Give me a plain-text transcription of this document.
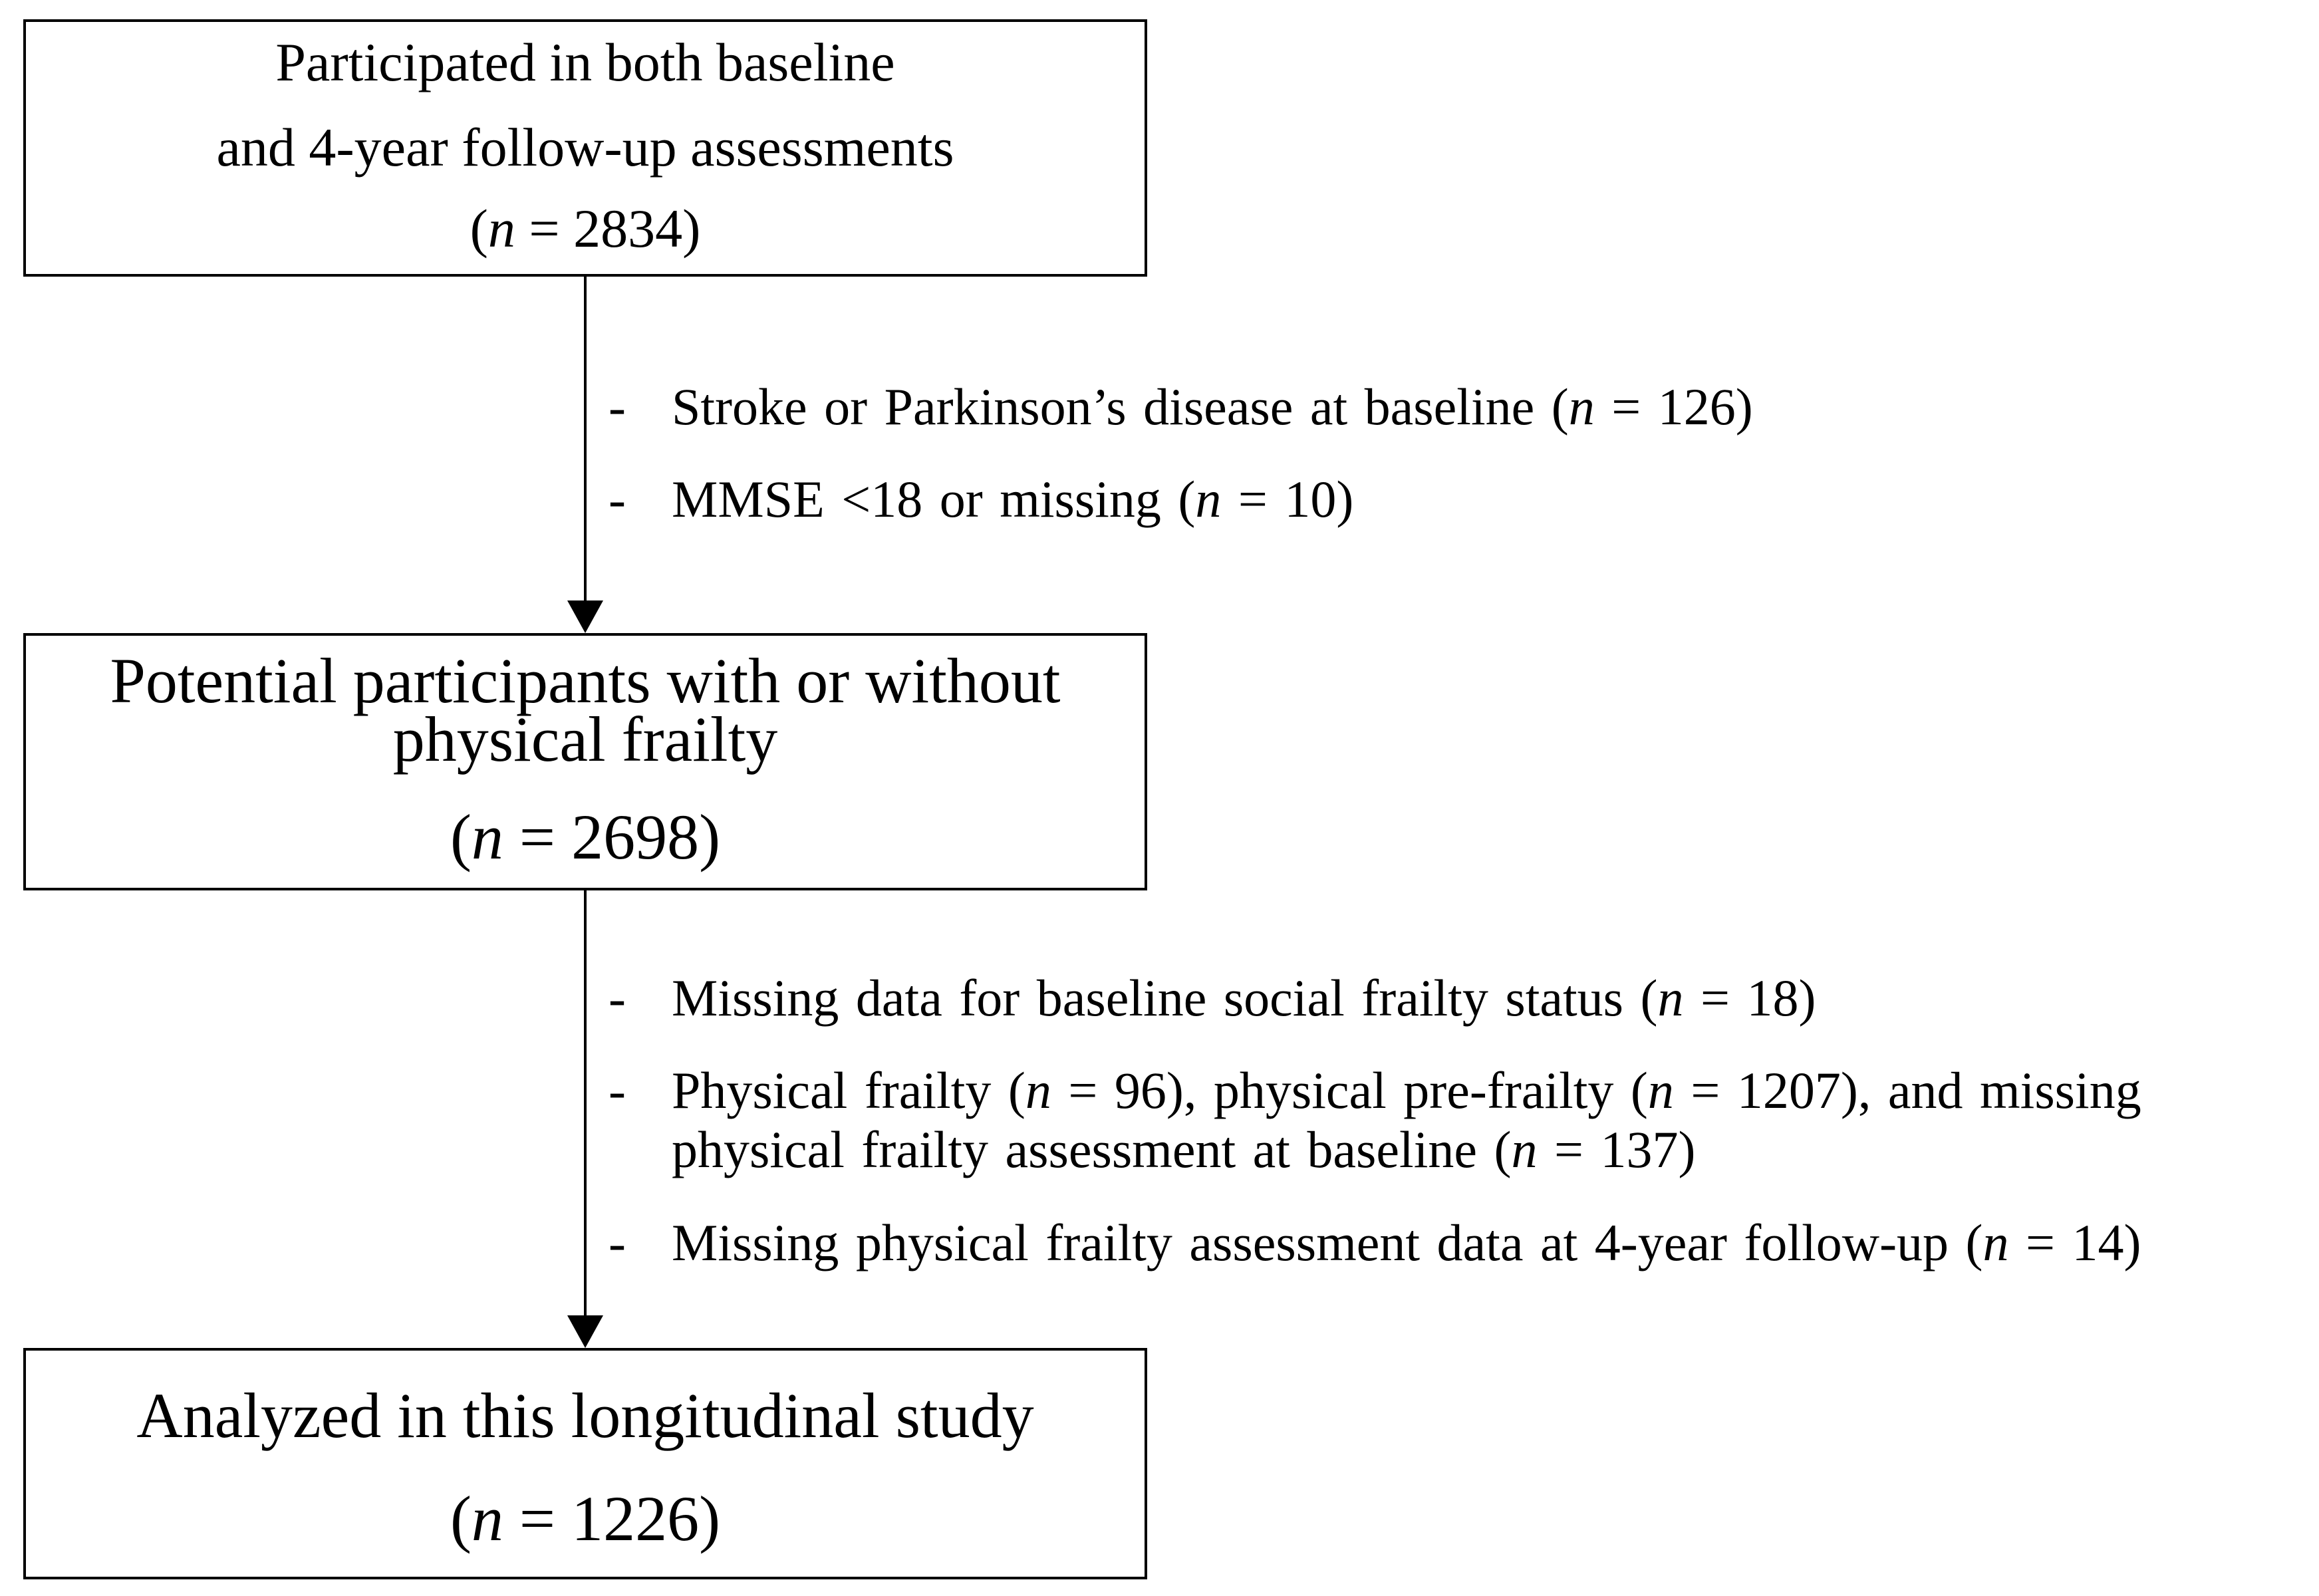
Participated in both baseline
and 4-year follow-up assessments
(n = 2834)
- Stroke or Parkinson’s disease at baseline (n = 126)
- MMSE <18 or missing (n = 10)
Potential participants with or without
physical frailty
(n = 2698)
- Missing data for baseline social frailty status (n = 18)
- Physical frailty (n = 96), physical pre-frailty (n = 1207), and missing
physical frailty assessment at baseline (n = 137)
- Missing physical frailty assessment data at 4-year follow-up (n = 14)
Analyzed in this longitudinal study
(n = 1226)
